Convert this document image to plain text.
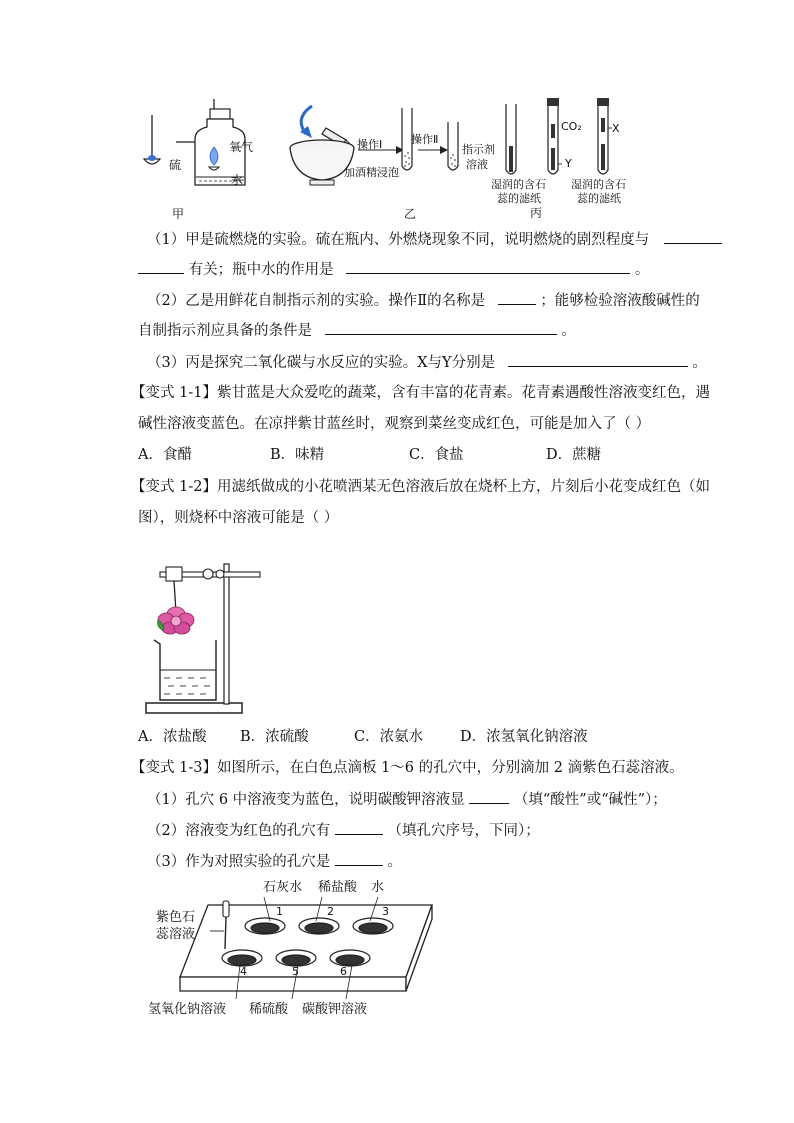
氧气
硫
水
甲
操作Ⅰ	操作Ⅱ
加酒精浸泡
指示剂
溶液
乙
CO₂
Y
X
湿润的含石
蕊的滤纸
湿润的含石
蕊的滤纸
丙
（1）甲是硫燃烧的实验。硫在瓶内、外燃烧现象不同，说明燃烧的剧烈程度与
有关；瓶中水的作用是	。
（2）乙是用鲜花自制指示剂的实验。操作Ⅱ的名称是	；能够检验溶液酸碱性的
自制指示剂应具备的条件是	。
（3）丙是探究二氧化碳与水反应的实验。X与Y分别是	。
【变式 1-1】紫甘蓝是大众爱吃的蔬菜，含有丰富的花青素。花青素遇酸性溶液变红色，遇
碱性溶液变蓝色。在凉拌紫甘蓝丝时，观察到菜丝变成红色，可能是加入了（ ）
A．食醋	B．味精	C．食盐	D．蔗糖
【变式 1-2】用滤纸做成的小花喷洒某无色溶液后放在烧杯上方，片刻后小花变成红色（如
图），则烧杯中溶液可能是（ ）
A．浓盐酸 B．浓硫酸	C．浓氨水	D．浓氢氧化钠溶液
【变式 1-3】如图所示，在白色点滴板 1～6 的孔穴中，分别滴加 2 滴紫色石蕊溶液。
（1）孔穴 6 中溶液变为蓝色，说明碳酸钾溶液显	（填“酸性”或“碱性”）；
（2）溶液变为红色的孔穴有	（填孔穴序号，下同）；
（3）作为对照实验的孔穴是	。
石灰水 稀盐酸 水
紫色石
蕊溶液
1	2	3
4	5	6
氢氧化钠溶液 稀硫酸 碳酸钾溶液
